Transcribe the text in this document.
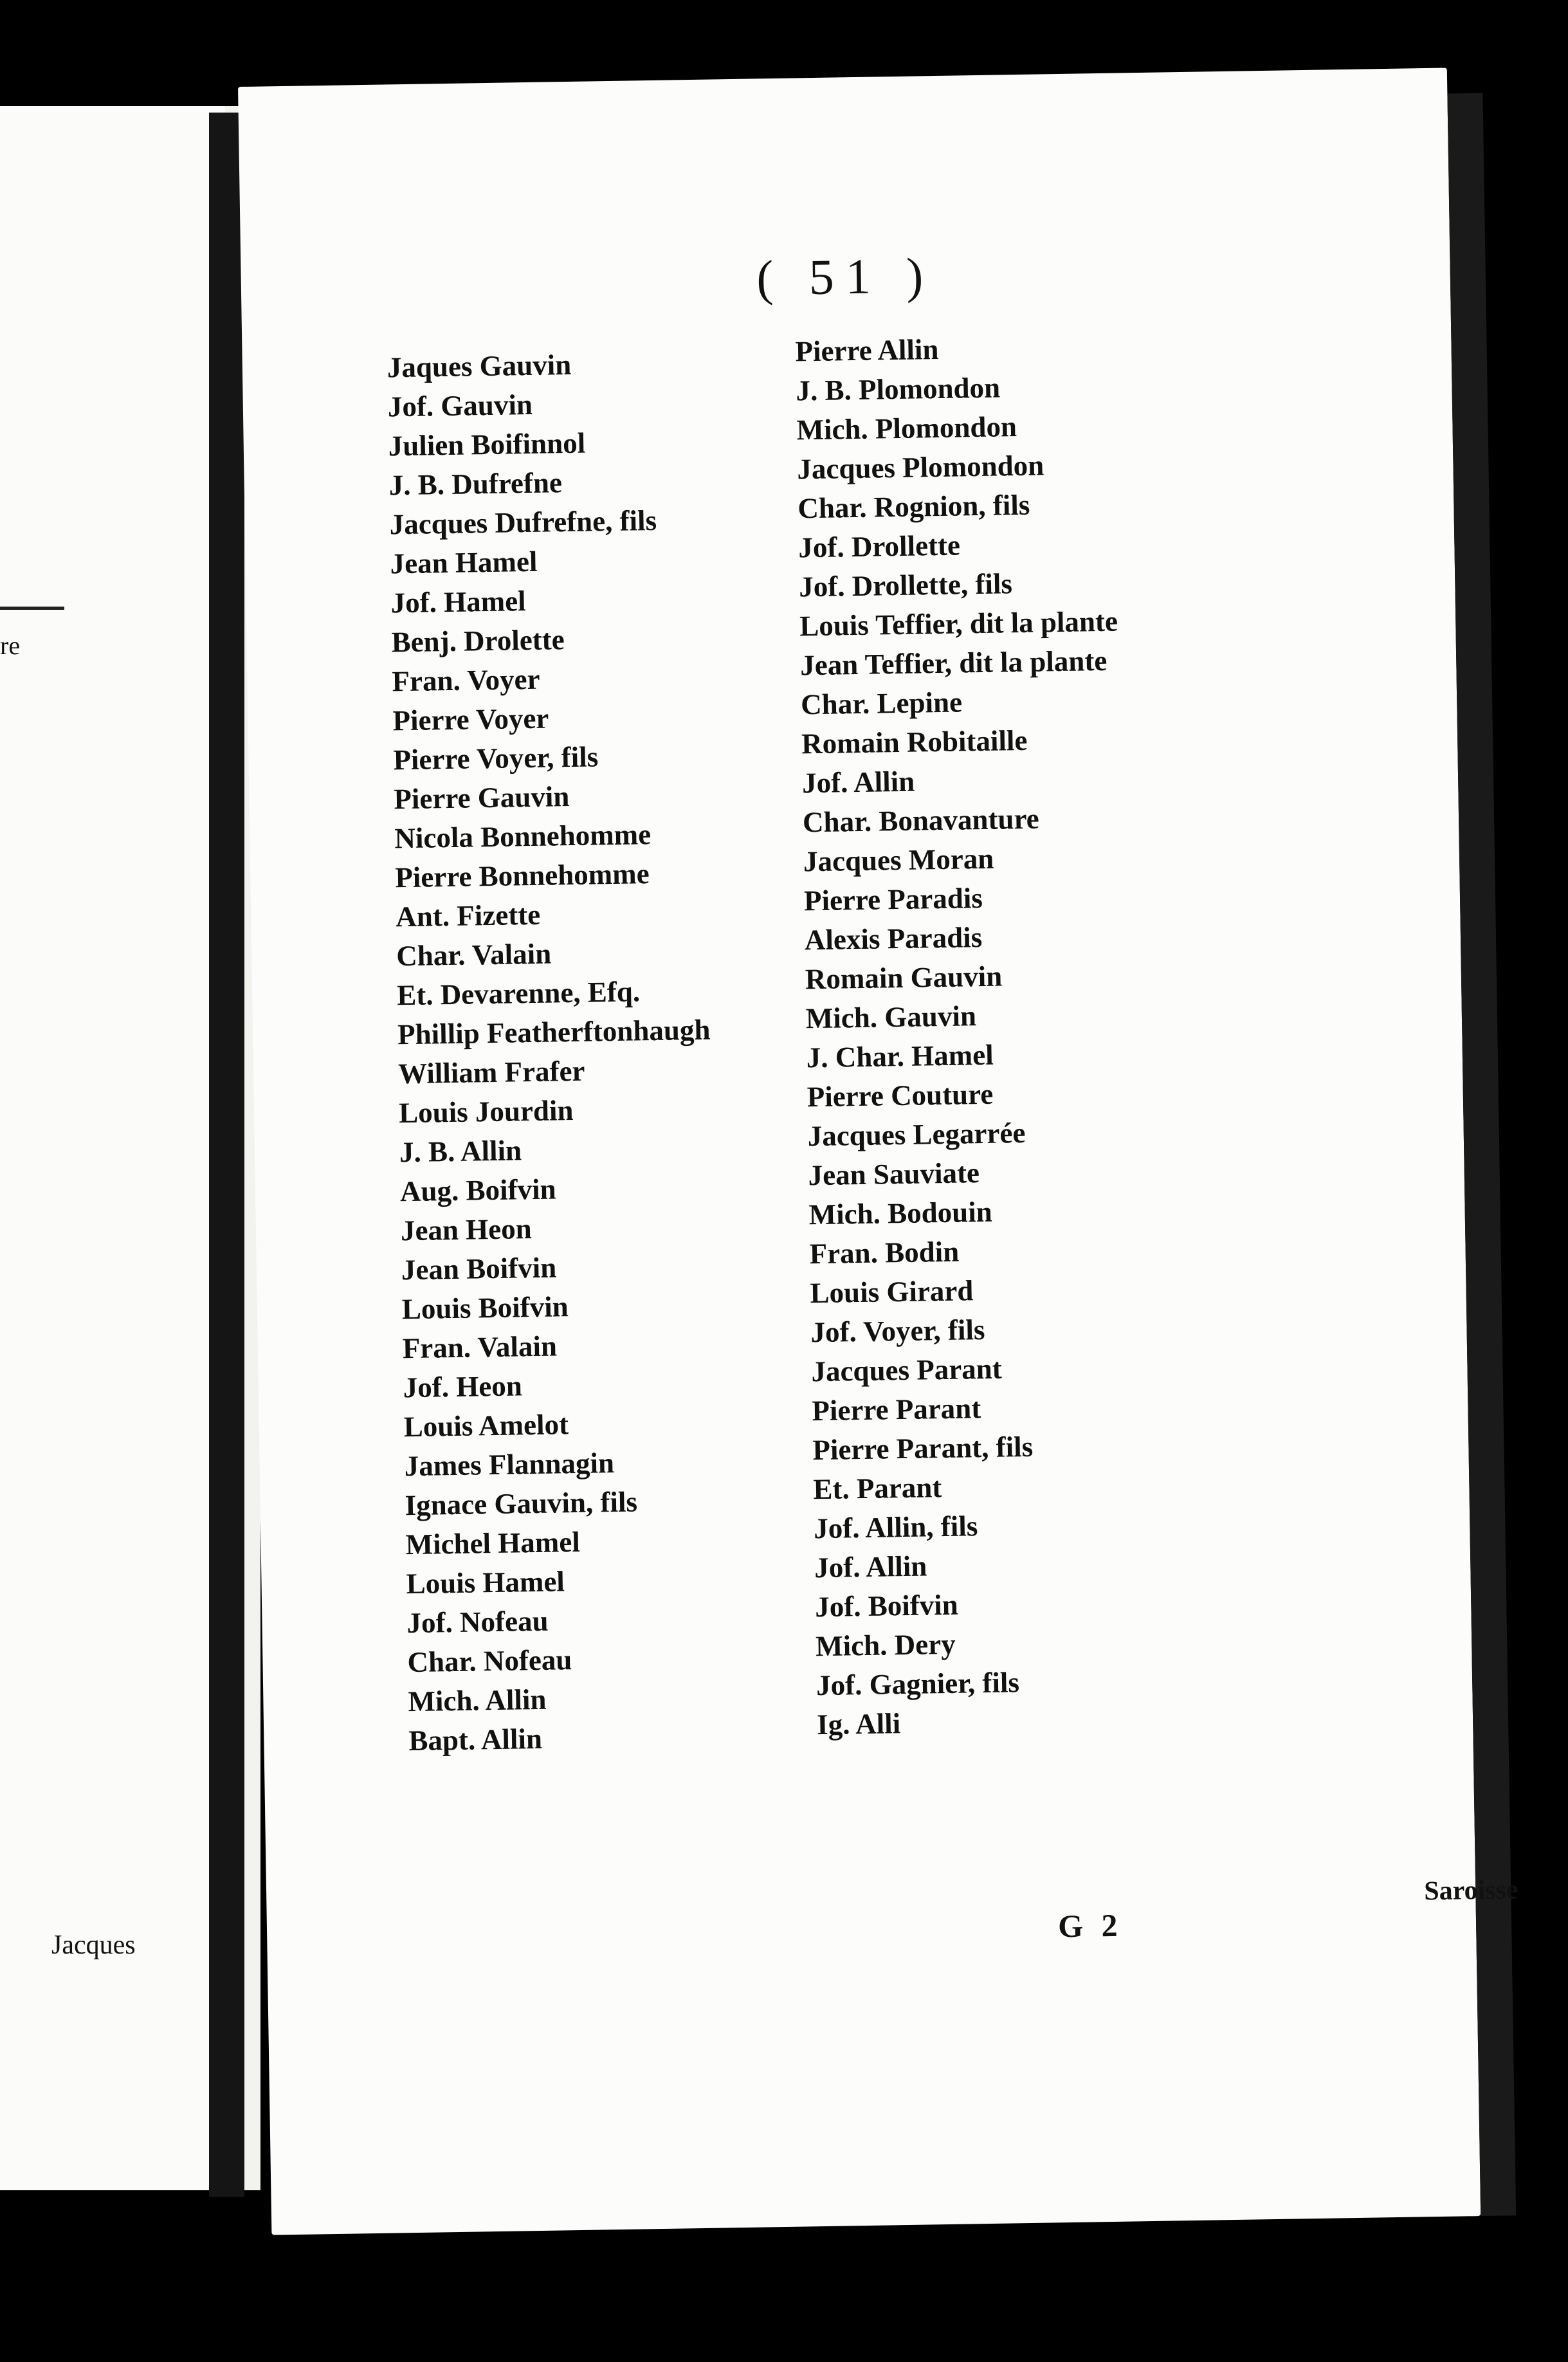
re
Jacques
( 51 )
Jaques Gauvin
Jof. Gauvin
Julien Boifinnol
J. B. Dufrefne
Jacques Dufrefne, fils
Jean Hamel
Jof. Hamel
Benj. Drolette
Fran. Voyer
Pierre Voyer
Pierre Voyer, fils
Pierre Gauvin
Nicola Bonnehomme
Pierre Bonnehomme
Ant. Fizette
Char. Valain
Et. Devarenne, Efq.
Phillip Featherftonhaugh
William Frafer
Louis Jourdin
J. B. Allin
Aug. Boifvin
Jean Heon
Jean Boifvin
Louis Boifvin
Fran. Valain
Jof. Heon
Louis Amelot
James Flannagin
Ignace Gauvin, fils
Michel Hamel
Louis Hamel
Jof. Nofeau
Char. Nofeau
Mich. Allin
Bapt. Allin
Pierre Allin
J. B. Plomondon
Mich. Plomondon
Jacques Plomondon
Char. Rognion, fils
Jof. Drollette
Jof. Drollette, fils
Louis Teffier, dit la plante
Jean Teffier, dit la plante
Char. Lepine
Romain Robitaille
Jof. Allin
Char. Bonavanture
Jacques Moran
Pierre Paradis
Alexis Paradis
Romain Gauvin
Mich. Gauvin
J. Char. Hamel
Pierre Couture
Jacques Legarrée
Jean Sauviate
Mich. Bodouin
Fran. Bodin
Louis Girard
Jof. Voyer, fils
Jacques Parant
Pierre Parant
Pierre Parant, fils
Et. Parant
Jof. Allin, fils
Jof. Allin
Jof. Boifvin
Mich. Dery
Jof. Gagnier, fils
Ig. Alli
G 2
Saroisse
